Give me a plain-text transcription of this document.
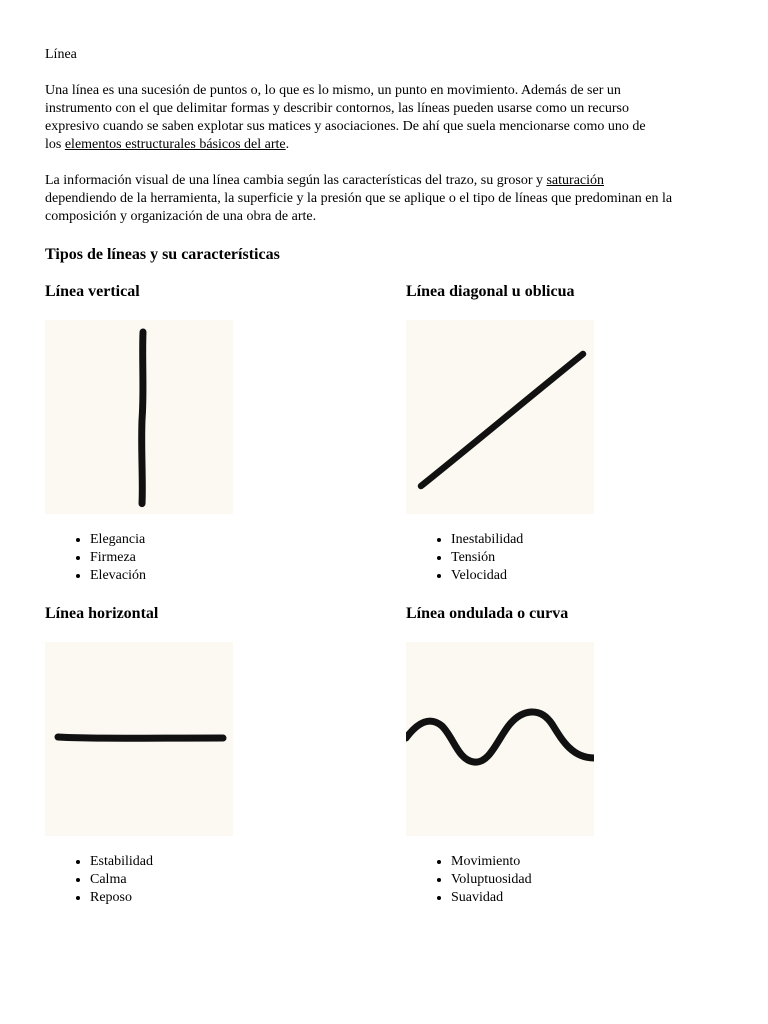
Línea
Una línea es una sucesión de puntos o, lo que es lo mismo, un punto en movimiento. Además de ser un
instrumento con el que delimitar formas y describir contornos, las líneas pueden usarse como un recurso
expresivo cuando se saben explotar sus matices y asociaciones. De ahí que suela mencionarse como uno de
los elementos estructurales básicos del arte.
La información visual de una línea cambia según las características del trazo, su grosor y saturación
dependiendo de la herramienta, la superficie y la presión que se aplique o el tipo de líneas que predominan en la
composición y organización de una obra de arte.
Tipos de líneas y su características
Línea vertical
• Elegancia
• Firmeza
• Elevación
Línea diagonal u oblicua
• Inestabilidad
• Tensión
• Velocidad
Línea horizontal
• Estabilidad
• Calma
• Reposo
Línea ondulada o curva
• Movimiento
• Voluptuosidad
• Suavidad
